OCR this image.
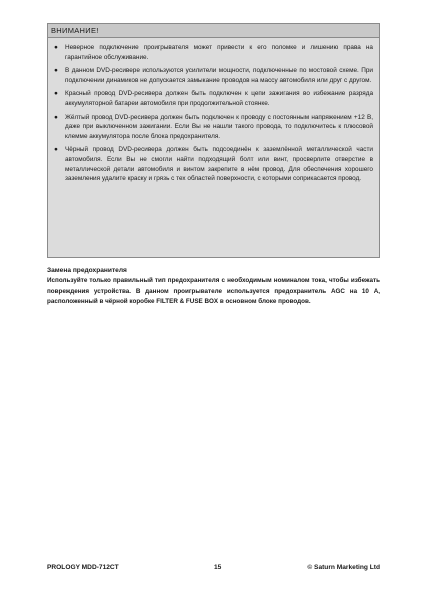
ВНИМАНИЕ!
● Неверное подключение проигрывателя может привести к его поломке и лишению права на гарантийное обслуживание.
● В данном DVD-ресивере используются усилители мощности, подключенные по мостовой схеме. При подключении динамиков не допускается замыкание проводов на массу автомобиля или друг с другом.
● Красный провод DVD-ресивера должен быть подключен к цепи зажигания во избежание разряда аккумуляторной батареи автомобиля при продолжительной стоянке.
● Жёлтый провод DVD-ресивера должен быть подключен к проводу с постоянным напряжением +12 В, даже при выключенном зажигании. Если Вы не нашли такого провода, то подключитесь к плюсовой клемме аккумулятора после блока предохранителя.
● Чёрный провод DVD-ресивера должен быть подсоединён к заземлённой металлической части автомобиля. Если Вы не смогли найти подходящий болт или винт, просверлите отверстие в металлической детали автомобиля и винтом закрепите в нём провод. Для обеспечения хорошего заземления удалите краску и грязь с тех областей поверхности, с которыми соприкасается провод.
Замена предохранителя
Используйте только правильный тип предохранителя с необходимым номиналом тока, чтобы избежать повреждения устройства. В данном проигрывателе используется предохранитель АGC на 10 А, расположенный в чёрной коробке FILTER & FUSE BOX в основном блоке проводов.
PROLOGY MDD-712CT	15	© Saturn Marketing Ltd
